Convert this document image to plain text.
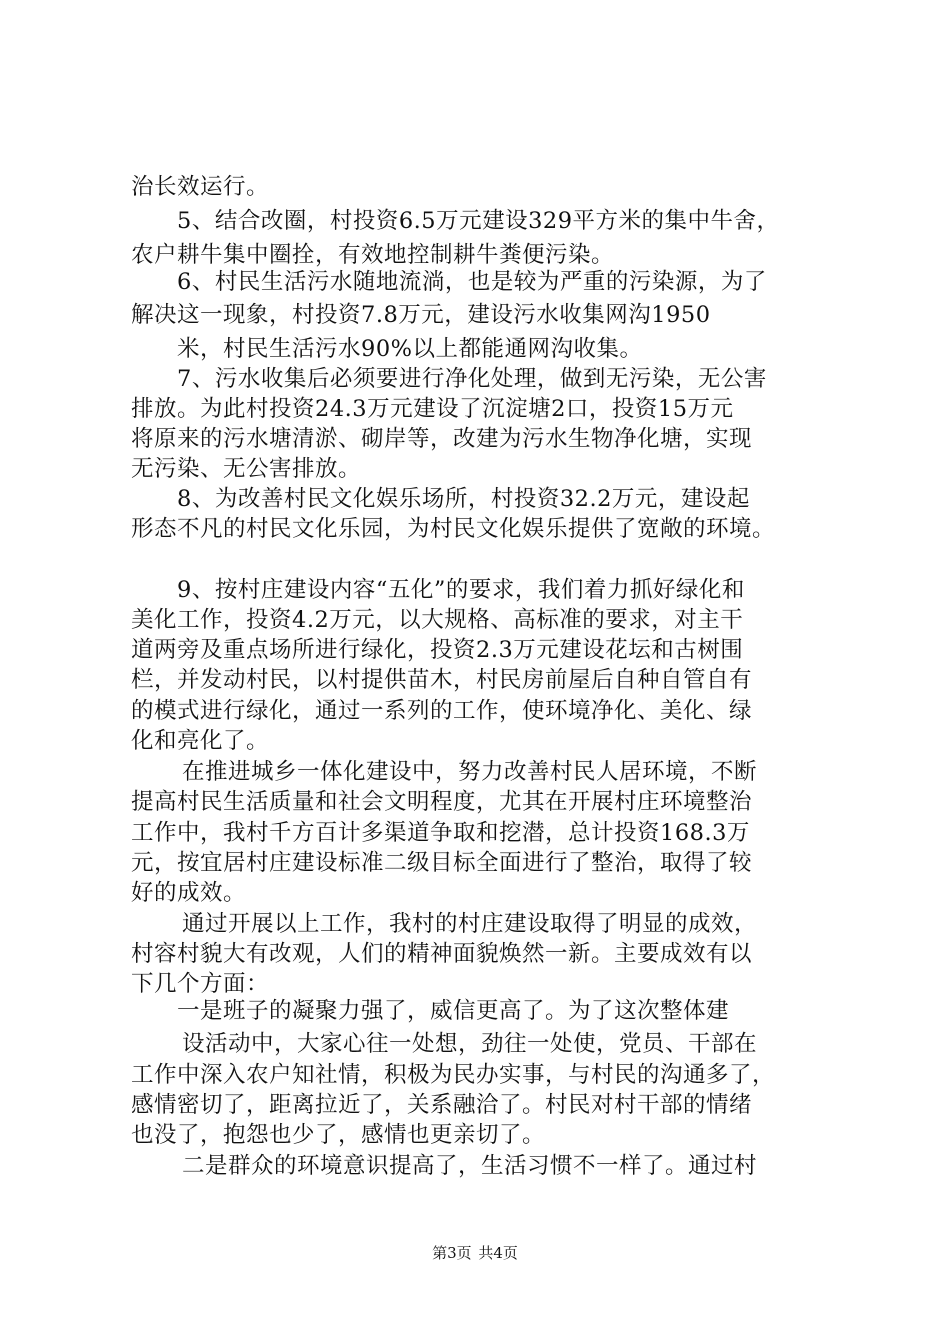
治长效运行。
5、结合改圈，村投资6.5万元建设329平方米的集中牛舍，
农户耕牛集中圈拴，有效地控制耕牛粪便污染。
6、村民生活污水随地流淌，也是较为严重的污染源，为了
解决这一现象，村投资7.8万元，建设污水收集网沟1950
米，村民生活污水90%以上都能通网沟收集。
7、污水收集后必须要进行净化处理，做到无污染，无公害
排放。为此村投资24.3万元建设了沉淀塘2口，投资15万元
将原来的污水塘清淤、砌岸等，改建为污水生物净化塘，实现
无污染、无公害排放。
8、为改善村民文化娱乐场所，村投资32.2万元，建设起
形态不凡的村民文化乐园，为村民文化娱乐提供了宽敞的环境。
9、按村庄建设内容“五化”的要求，我们着力抓好绿化和
美化工作，投资4.2万元，以大规格、高标准的要求，对主干
道两旁及重点场所进行绿化，投资2.3万元建设花坛和古树围
栏，并发动村民，以村提供苗木，村民房前屋后自种自管自有
的模式进行绿化，通过一系列的工作，使环境净化、美化、绿
化和亮化了。
在推进城乡一体化建设中，努力改善村民人居环境，不断
提高村民生活质量和社会文明程度，尤其在开展村庄环境整治
工作中，我村千方百计多渠道争取和挖潜，总计投资168.3万
元，按宜居村庄建设标准二级目标全面进行了整治，取得了较
好的成效。
通过开展以上工作，我村的村庄建设取得了明显的成效，
村容村貌大有改观，人们的精神面貌焕然一新。主要成效有以
下几个方面：
一是班子的凝聚力强了，威信更高了。为了这次整体建
设活动中，大家心往一处想，劲往一处使，党员、干部在
工作中深入农户知社情，积极为民办实事，与村民的沟通多了，
感情密切了，距离拉近了，关系融洽了。村民对村干部的情绪
也没了，抱怨也少了，感情也更亲切了。
二是群众的环境意识提高了，生活习惯不一样了。通过村
第3页 共4页
